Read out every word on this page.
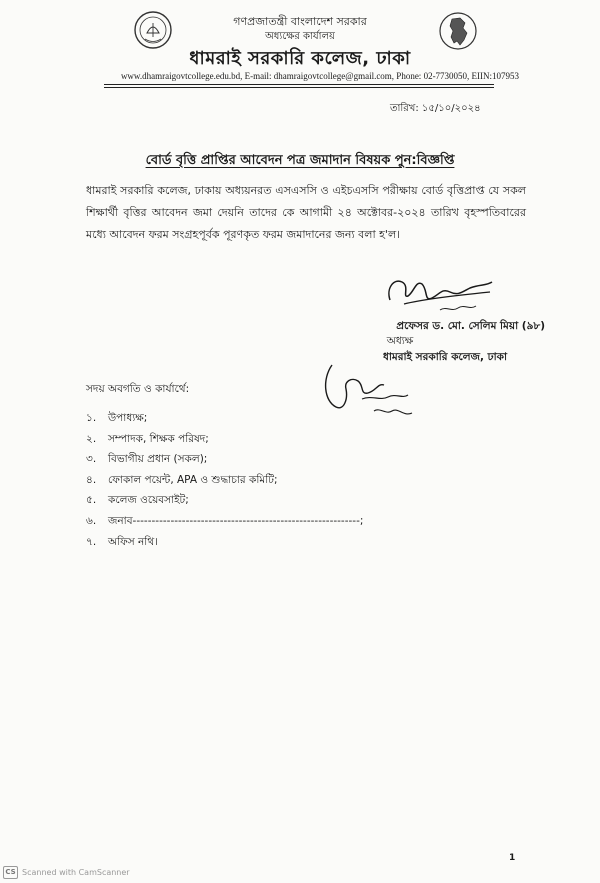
গণপ্রজাতন্ত্রী বাংলাদেশ সরকার
অধ্যক্ষের কার্যালয়
ধামরাই সরকারি কলেজ, ঢাকা
www.dhamraigovtcollege.edu.bd, E-mail: dhamraigovtcollege@gmail.com, Phone: 02-7730050, EIIN:107953
তারিখ: ১৫/১০/২০২৪
বোর্ড বৃত্তি প্রাপ্তির আবেদন পত্র জমাদান বিষয়ক পুন:বিজ্ঞপ্তি
ধামরাই সরকারি কলেজ, ঢাকায় অধ্যয়নরত এসএসসি ও এইচএসসি পরীক্ষায় বোর্ড বৃত্তিপ্রাপ্ত যে সকল শিক্ষার্থী বৃত্তির আবেদন জমা দেয়নি তাদের কে আগামী ২৪ অক্টোবর-২০২৪ তারিখ বৃহস্পতিবারের মধ্যে আবেদন ফরম সংগ্রহপূর্বক পূরণকৃত ফরম জমাদানের জন্য বলা হ'ল।
প্রফেসর ড. মো. সেলিম মিয়া (৯৮)
অধ্যক্ষ
ধামরাই সরকারি কলেজ, ঢাকা
সদয় অবগতি ও কার্যার্থে:
১.	উপাধ্যক্ষ;
২.	সম্পাদক, শিক্ষক পরিষদ;
৩.	বিভাগীয় প্রধান (সকল);
৪.	ফোকাল পয়েন্ট, APA ও শুদ্ধাচার কমিটি;
৫.	কলেজ ওয়েবসাইট;
৬.	জনাব------------------------------------------------------------;
৭.	অফিস নথি।
1
CS Scanned with CamScanner
